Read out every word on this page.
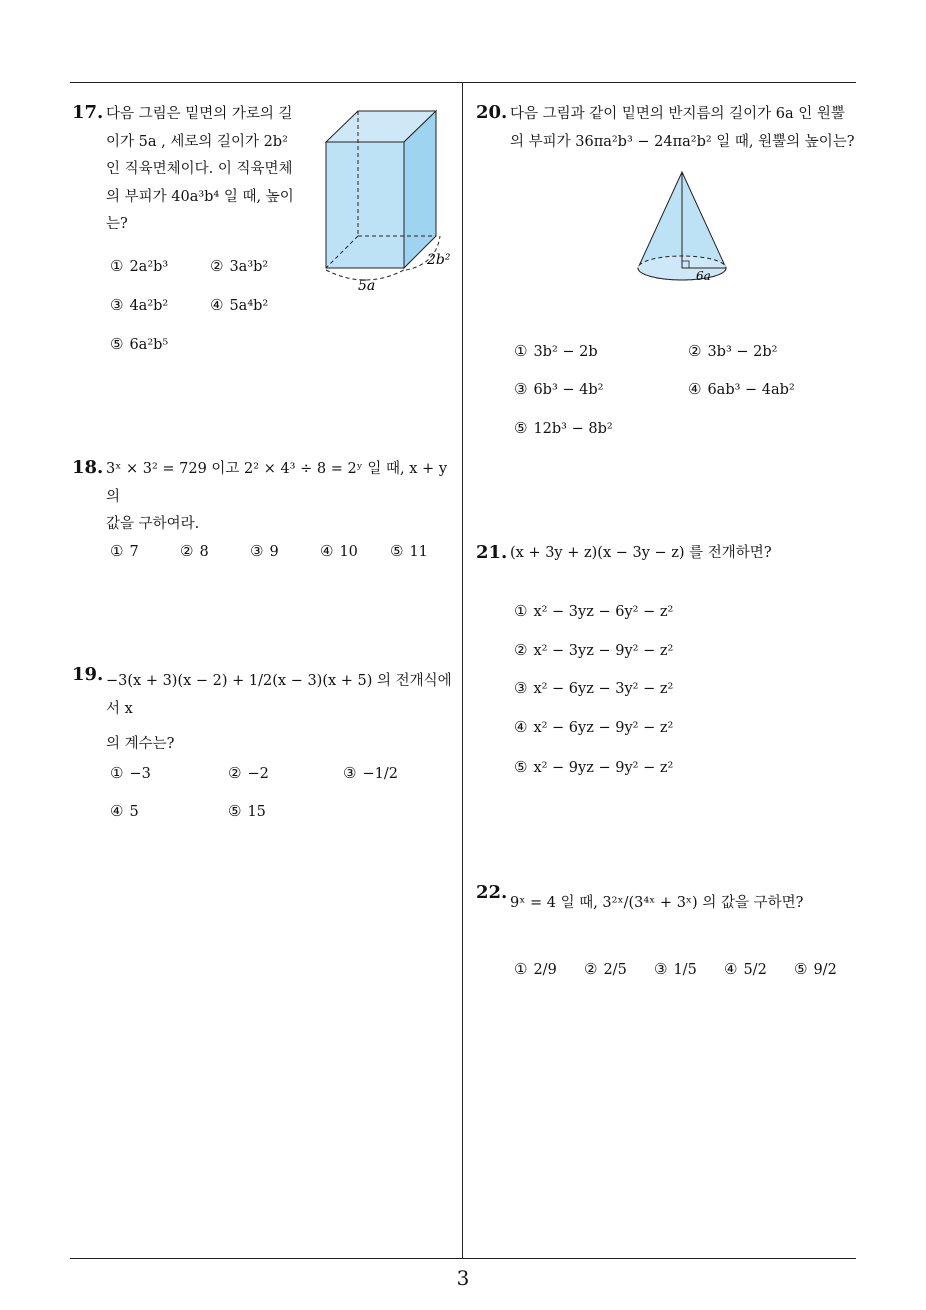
17. 다음 그림은 밑면의 가로의 길
이가 5a , 세로의 길이가 2b²
인 직육면체이다. 이 직육면체
의 부피가 40a³b⁴ 일 때, 높이
는?
5a
2b²
① 2a²b³	② 3a³b²
③ 4a²b²	④ 5a⁴b²
⑤ 6a²b⁵
18. 3ˣ × 3² = 729 이고 2² × 4³ ÷ 8 = 2ʸ 일 때, x + y 의
값을 구하여라.
① 7	② 8	③ 9	④ 10 ⑤ 11
19. −3(x + 3)(x − 2) + 1/2(x − 3)(x + 5) 의 전개식에서 x
의 계수는?
① −3	② −2	③ −1/2
④ 5	⑤ 15
20. 다음 그림과 같이 밑면의 반지름의 길이가 6a 인 원뿔
의 부피가 36πa²b³ − 24πa²b² 일 때, 원뿔의 높이는?
6a
① 3b² − 2b	② 3b³ − 2b²
③ 6b³ − 4b²	④ 6ab³ − 4ab²
⑤ 12b³ − 8b²
21. (x + 3y + z)(x − 3y − z) 를 전개하면?
① x² − 3yz − 6y² − z²
② x² − 3yz − 9y² − z²
③ x² − 6yz − 3y² − z²
④ x² − 6yz − 9y² − z²
⑤ x² − 9yz − 9y² − z²
22. 9ˣ = 4 일 때, 3²ˣ/(3⁴ˣ + 3ˣ) 의 값을 구하면?
① 2/9 ② 2/5 ③ 1/5 ④ 5/2 ⑤ 9/2
3
